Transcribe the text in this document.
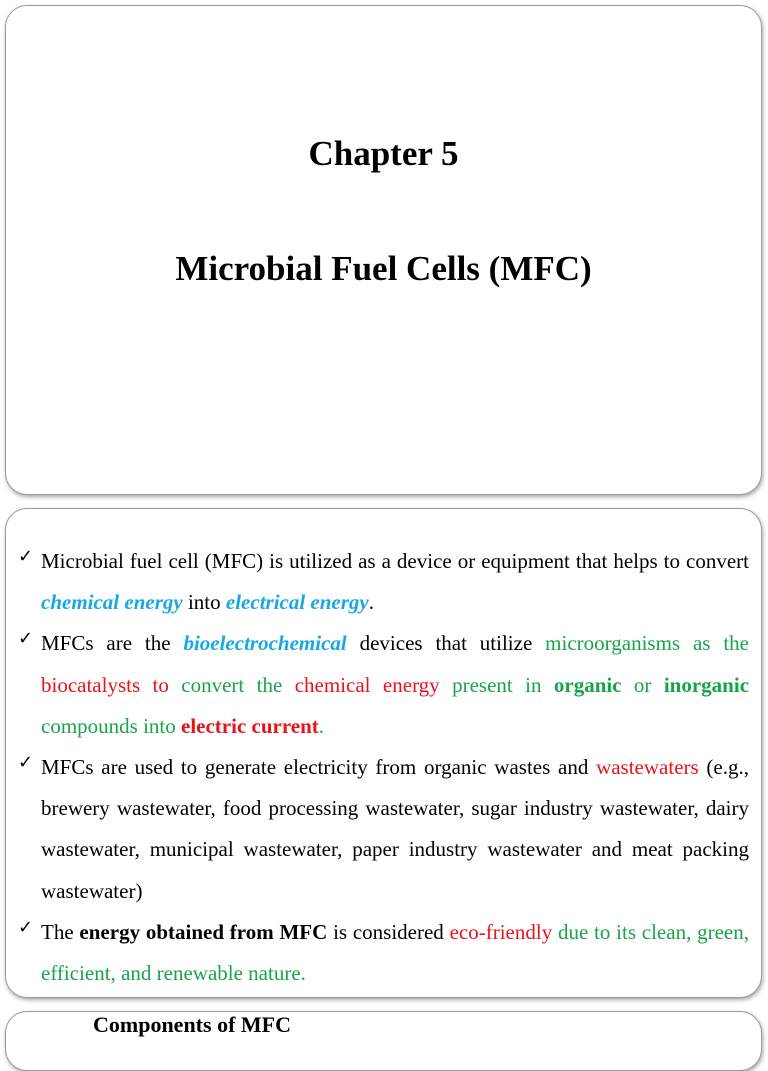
Chapter 5
Microbial Fuel Cells (MFC)
✓ Microbial fuel cell (MFC) is utilized as a device or equipment that helps to convert chemical energy into electrical energy.
✓ MFCs are the bioelectrochemical devices that utilize microorganisms as the biocatalysts to convert the chemical energy present in organic or inorganic compounds into electric current.
✓ MFCs are used to generate electricity from organic wastes and wastewaters (e.g., brewery wastewater, food processing wastewater, sugar industry wastewater, dairy wastewater, municipal wastewater, paper industry wastewater and meat packing wastewater)
✓ The energy obtained from MFC is considered eco-friendly due to its clean, green, efficient, and renewable nature.
Components of MFC
